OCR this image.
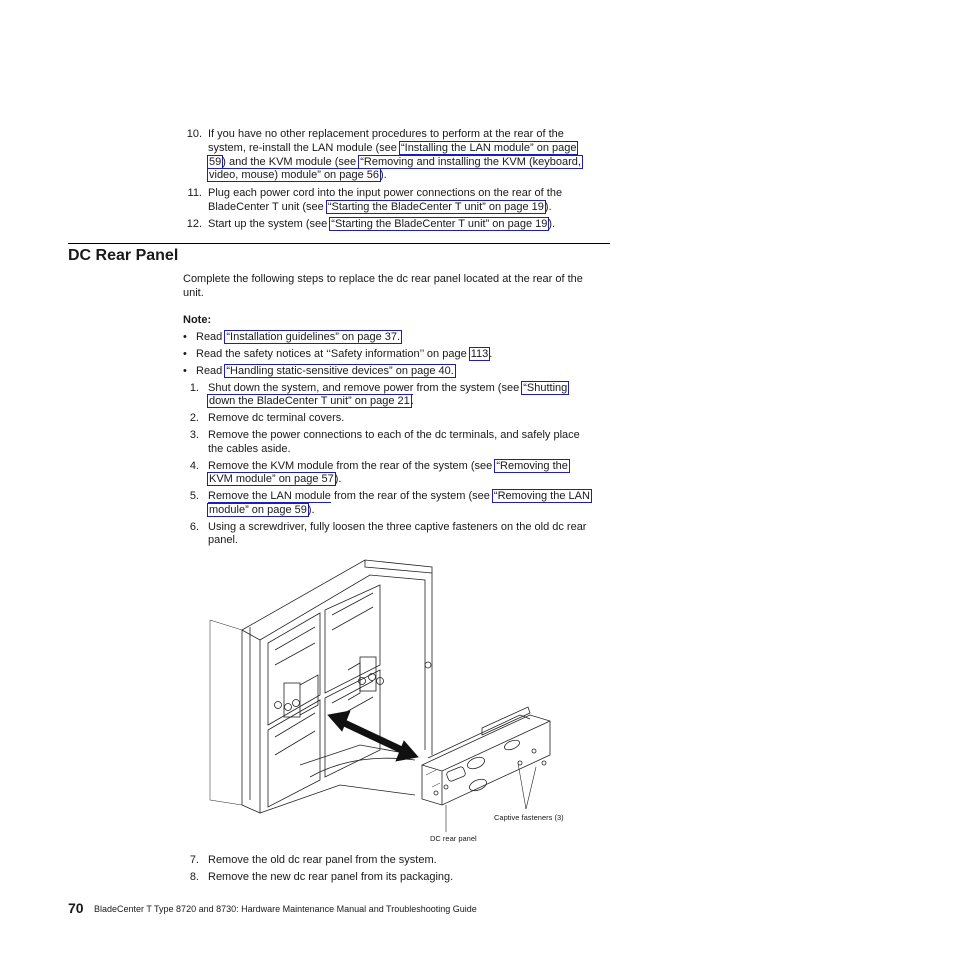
10. If you have no other replacement procedures to perform at the rear of the
system, re-install the LAN module (see “Installing the LAN module” on page
59) and the KVM module (see “Removing and installing the KVM (keyboard,
video, mouse) module” on page 56).
11. Plug each power cord into the input power connections on the rear of the
BladeCenter T unit (see “Starting the BladeCenter T unit” on page 19).
12. Start up the system (see “Starting the BladeCenter T unit” on page 19).
DC Rear Panel
Complete the following steps to replace the dc rear panel located at the rear of the
unit.
Note:
• Read “Installation guidelines” on page 37.
• Read the safety notices at ‘‘Safety information’’ on page 113.
• Read “Handling static-sensitive devices” on page 40.
1. Shut down the system, and remove power from the system (see “Shutting
down the BladeCenter T unit” on page 21.
2. Remove dc terminal covers.
3. Remove the power connections to each of the dc terminals, and safely place
the cables aside.
4. Remove the KVM module from the rear of the system (see “Removing the
KVM module” on page 57).
5. Remove the LAN module from the rear of the system (see “Removing the LAN
module” on page 59).
6. Using a screwdriver, fully loosen the three captive fasteners on the old dc rear
panel.
Captive fasteners (3)
DC rear panel
7. Remove the old dc rear panel from the system.
8. Remove the new dc rear panel from its packaging.
70 BladeCenter T Type 8720 and 8730: Hardware Maintenance Manual and Troubleshooting Guide
